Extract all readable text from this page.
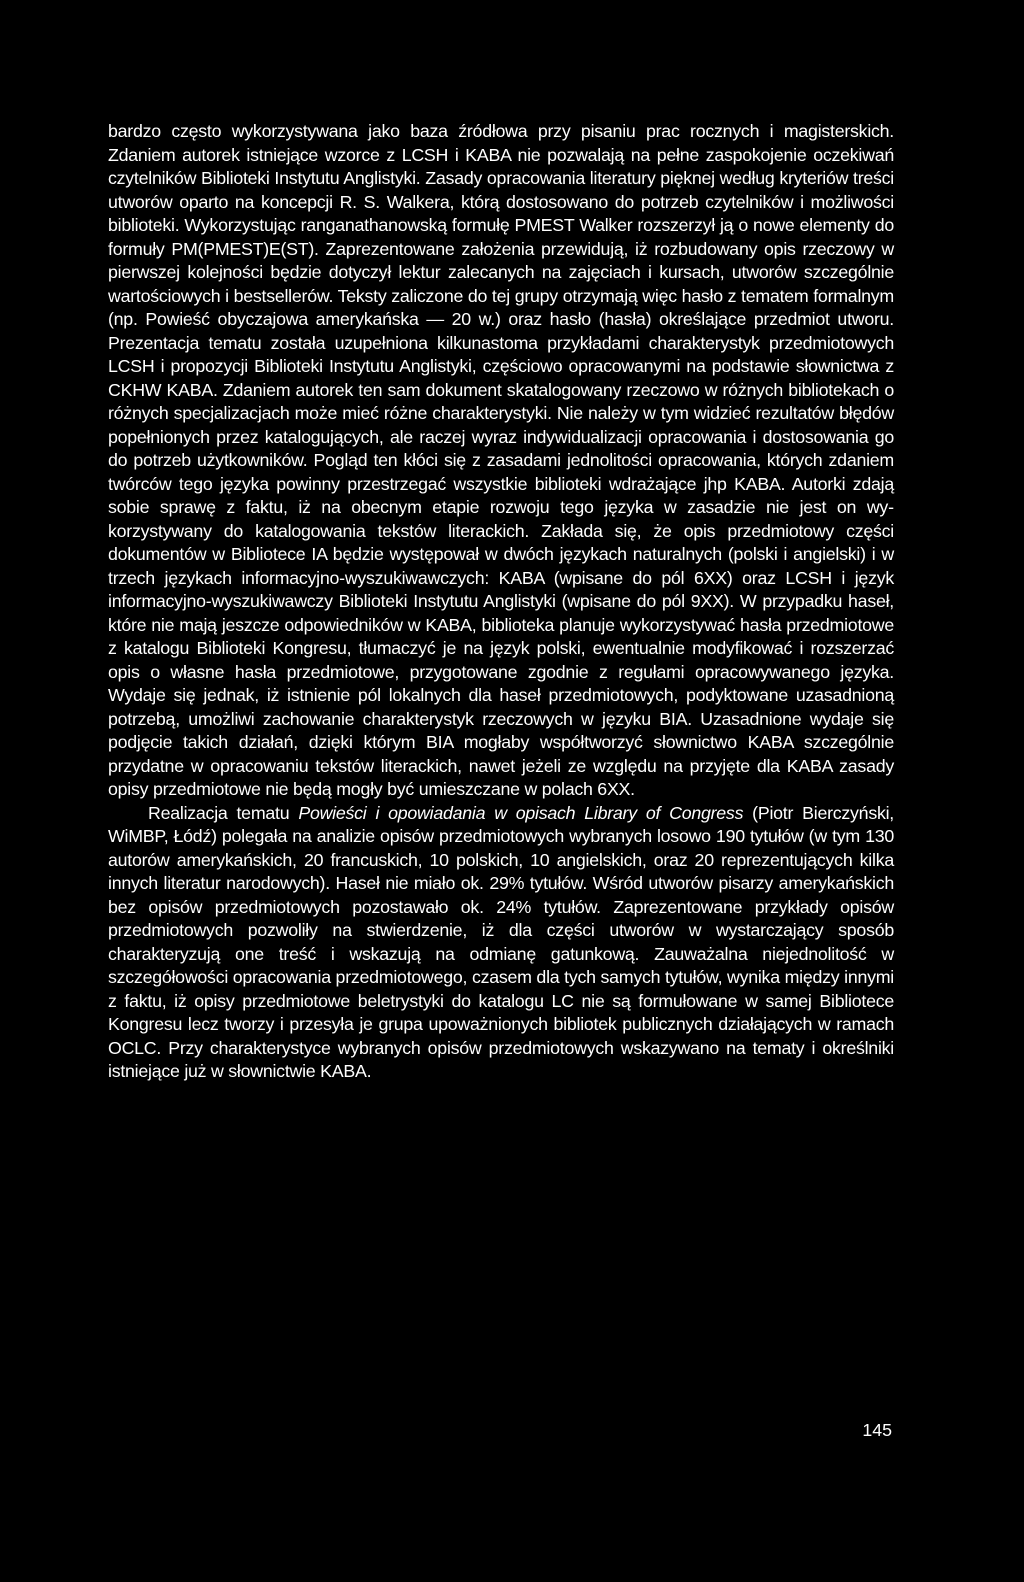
bardzo często wykorzystywana jako baza źródłowa przy pisaniu prac rocznych i magisterskich. Zdaniem autorek istniejące wzorce z LCSH i KABA nie pozwalają na pełne zaspokojenie oczekiwań czytelników Biblioteki Instytutu Anglistyki. Zasady opracowania literatury pięknej według kryteriów treści utworów oparto na koncepcji R. S. Walkera, którą dostosowano do potrzeb czytelników i możliwości biblioteki. Wykorzystując ranganathanowską formułę PMEST Walker rozszerzył ją o nowe elementy do formuły PM(PMEST)E(ST). Zaprezentowane założenia przewidują, iż rozbudowany opis rzeczowy w pierwszej kolejności będzie dotyczył lektur zalecanych na zajęciach i kursach, utworów szczególnie wartościowych i bestsellerów. Teksty zaliczone do tej grupy otrzymają więc hasło z tematem formalnym (np. Powieść obyczajowa amerykańska — 20 w.) oraz hasło (hasła) określające przedmiot utworu. Prezentacja tematu została uzupełniona kilkunastoma przykładami charakterystyk przedmiotowych LCSH i propozycji Biblioteki Instytutu Anglistyki, częściowo opracowanymi na podstawie słownictwa z CKHW KABA. Zdaniem autorek ten sam dokument skatalogowany rzeczowo w różnych bibliotekach o różnych specjalizacjach może mieć różne charakterystyki. Nie należy w tym widzieć rezultatów błędów popełnionych przez katalogujących, ale raczej wyraz indywidualizacji opracowania i dostosowania go do potrzeb użytkowników. Pogląd ten kłóci się z zasadami jednolitości opracowania, których zdaniem twórców tego języka powinny przestrzegać wszystkie biblioteki wdrażające jhp KABA. Autorki zdają sobie sprawę z faktu, iż na obecnym etapie rozwoju tego języka w zasadzie nie jest on wykorzystywany do katalogowania tekstów literackich. Zakłada się, że opis przedmiotowy części dokumentów w Bibliotece IA będzie występował w dwóch językach naturalnych (polski i angielski) i w trzech językach informacyjno-wyszukiwawczych: KABA (wpisane do pól 6XX) oraz LCSH i język informacyjno-wyszukiwawczy Biblioteki Instytutu Anglistyki (wpisane do pól 9XX). W przypadku haseł, które nie mają jeszcze odpowiedników w KABA, biblioteka planuje wykorzystywać hasła przedmiotowe z katalogu Biblioteki Kongresu, tłumaczyć je na język polski, ewentualnie modyfikować i rozszerzać opis o własne hasła przedmiotowe, przygotowane zgodnie z regułami opracowywanego języka. Wydaje się jednak, iż istnienie pól lokalnych dla haseł przedmiotowych, podyktowane uzasadnioną potrzebą, umożliwi zachowanie charakterystyk rzeczowych w języku BIA. Uzasadnione wydaje się podjęcie takich działań, dzięki którym BIA mogłaby współtworzyć słownictwo KABA szczególnie przydatne w opracowaniu tekstów literackich, nawet jeżeli ze względu na przyjęte dla KABA zasady opisy przedmiotowe nie będą mogły być umieszczane w polach 6XX.

Realizacja tematu Powieści i opowiadania w opisach Library of Congress (Piotr Bierczyński, WiMBP, Łódź) polegała na analizie opisów przedmiotowych wybranych losowo 190 tytułów (w tym 130 autorów amerykańskich, 20 francuskich, 10 polskich, 10 angielskich, oraz 20 reprezentujących kilka innych literatur narodowych). Haseł nie miało ok. 29% tytułów. Wśród utworów pisarzy amerykańskich bez opisów przedmiotowych pozostawało ok. 24% tytułów. Zaprezentowane przykłady opisów przedmiotowych pozwoliły na stwierdzenie, iż dla części utworów w wystarczający sposób charakteryzują one treść i wskazują na odmianę gatunkową. Zauważalna niejednolitość w szczegółowości opracowania przedmiotowego, czasem dla tych samych tytułów, wynika między innymi z faktu, iż opisy przedmiotowe beletrystyki do katalogu LC nie są formułowane w samej Bibliotece Kongresu lecz tworzy i przesyła je grupa upoważnionych bibliotek publicznych działających w ramach OCLC. Przy charakterystyce wybranych opisów przedmiotowych wskazywano na tematy i określniki istniejące już w słownictwie KABA.

145
